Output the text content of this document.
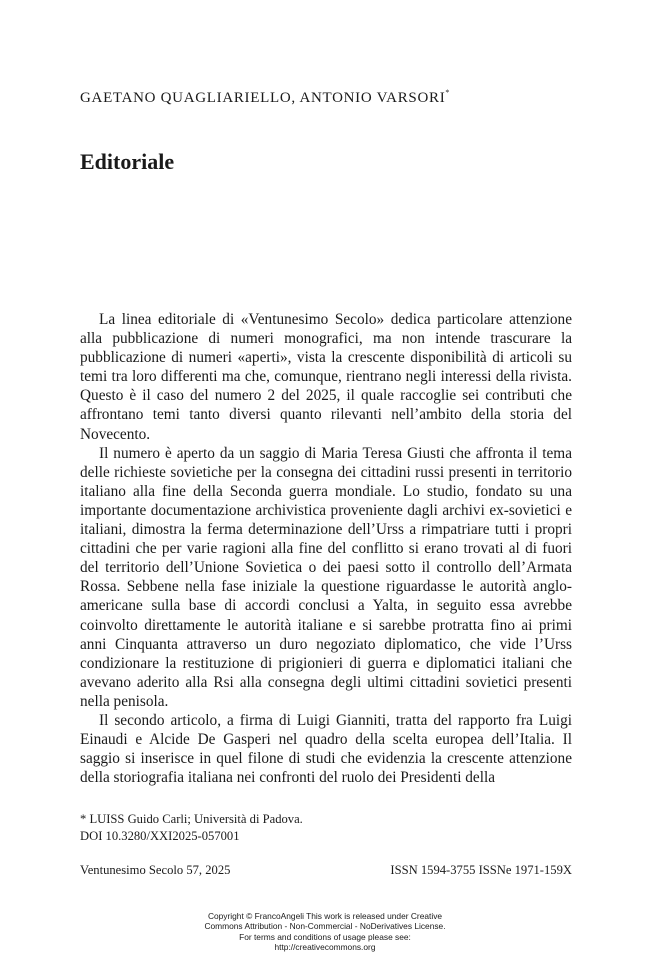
GAETANO QUAGLIARIELLO, ANTONIO VARSORI*
Editoriale

La linea editoriale di «Ventunesimo Secolo» dedica particolare attenzione alla pubblicazione di numeri monografici, ma non intende trascurare la pubblicazione di numeri «aperti», vista la crescente disponibilità di articoli su temi tra loro differenti ma che, comunque, rientrano negli interessi della rivista. Questo è il caso del numero 2 del 2025, il quale raccoglie sei contributi che affrontano temi tanto diversi quanto rilevanti nell’ambito della storia del Novecento.

Il numero è aperto da un saggio di Maria Teresa Giusti che affronta il tema delle richieste sovietiche per la consegna dei cittadini russi presenti in territorio italiano alla fine della Seconda guerra mondiale. Lo studio, fondato su una importante documentazione archivistica proveniente dagli archivi ex-sovietici e italiani, dimostra la ferma determinazione dell’Urss a rimpatriare tutti i propri cittadini che per varie ragioni alla fine del conflitto si erano trovati al di fuori del territorio dell’Unione Sovietica o dei paesi sotto il controllo dell’Armata Rossa. Sebbene nella fase iniziale la questione riguardasse le autorità anglo-americane sulla base di accordi conclusi a Yalta, in seguito essa avrebbe coinvolto direttamente le autorità italiane e si sarebbe protratta fino ai primi anni Cinquanta attraverso un duro negoziato diplomatico, che vide l’Urss condizionare la restituzione di prigionieri di guerra e diplomatici italiani che avevano aderito alla Rsi alla consegna degli ultimi cittadini sovietici presenti nella penisola.

Il secondo articolo, a firma di Luigi Gianniti, tratta del rapporto fra Luigi Einaudi e Alcide De Gasperi nel quadro della scelta europea dell’Italia. Il saggio si inserisce in quel filone di studi che evidenzia la crescente attenzione della storiografia italiana nei confronti del ruolo dei Presidenti della

* LUISS Guido Carli; Università di Padova.
DOI 10.3280/XXI2025-057001
Ventunesimo Secolo 57, 2025	ISSN 1594-3755 ISSNe 1971-159X
Copyright © FrancoAngeli This work is released under Creative
Commons Attribution - Non-Commercial - NoDerivatives License.
For terms and conditions of usage please see:
http://creativecommons.org
